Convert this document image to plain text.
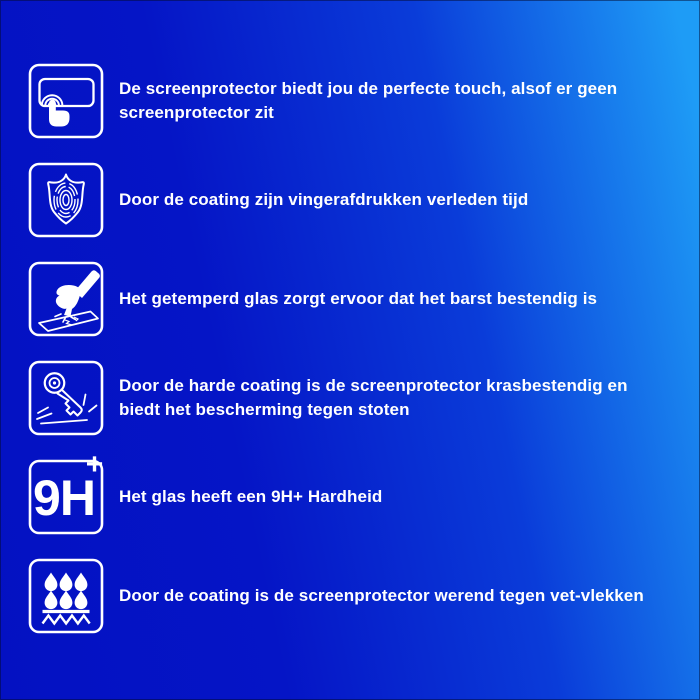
De screenprotector biedt jou de perfecte touch, alsof er geen screenprotector zit
Door de coating zijn vingerafdrukken verleden tijd
Het getemperd glas zorgt ervoor dat het barst bestendig is
Door de harde coating is de screenprotector krasbestendig en biedt het bescherming tegen stoten
9H
+
Het glas heeft een 9H+ Hardheid
Door de coating is de screenprotector werend tegen vet-vlekken
